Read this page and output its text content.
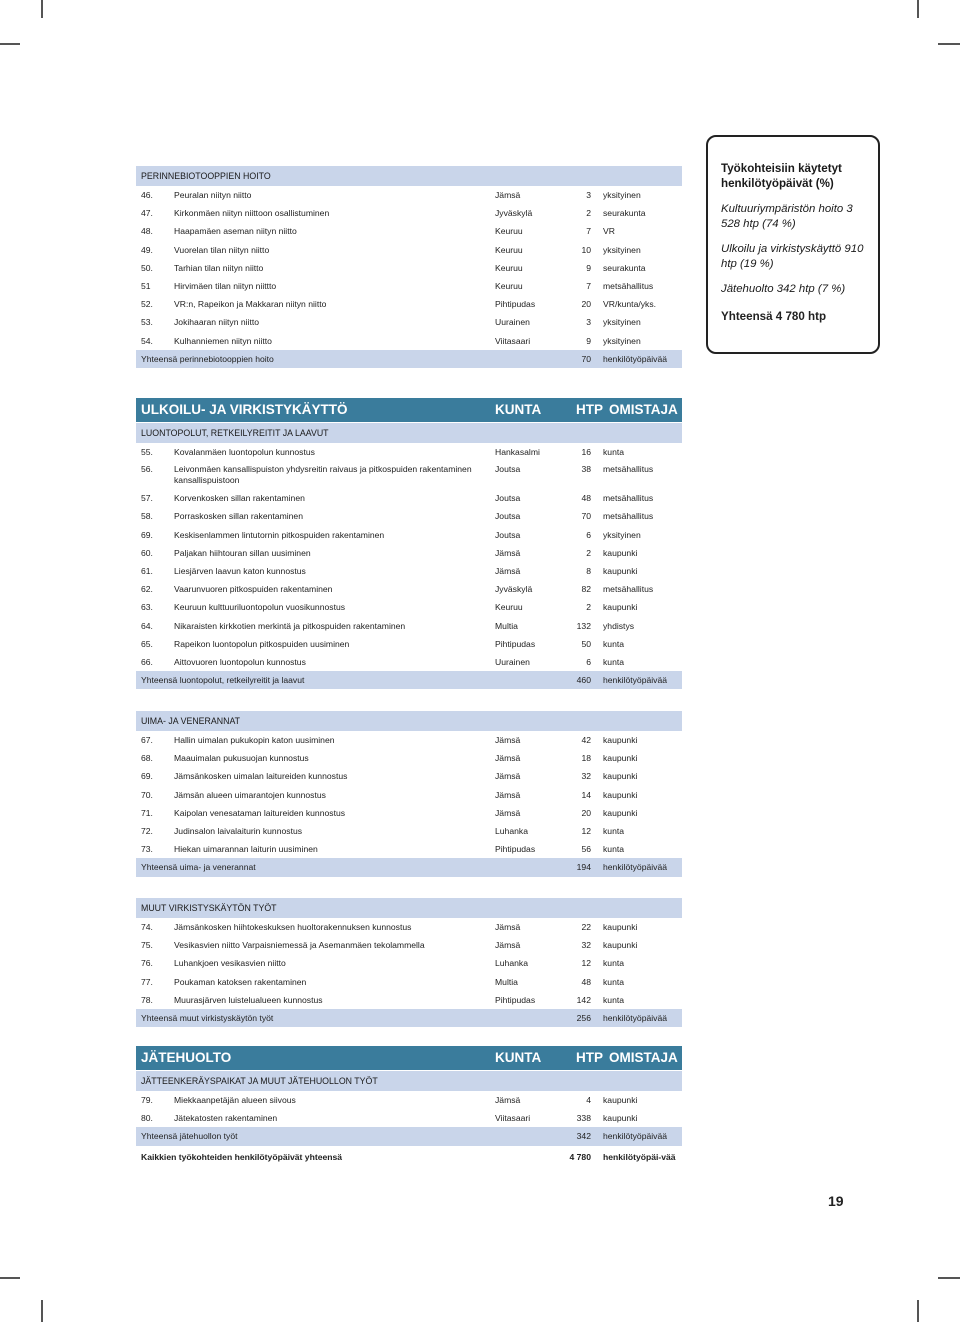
PERINNEBIOTOOPPIEN HOITO
46. Peuralan niityn niitto	Jämsä	3 yksityinen
47. Kirkonmäen niityn niittoon osallistuminen	Jyväskylä	2 seurakunta
48. Haapamäen aseman niityn niitto	Keuruu	7 VR
49. Vuorelan tilan niityn niitto	Keuruu	10 yksityinen
50. Tarhian tilan niityn niitto	Keuruu	9 seurakunta
51	Hirvimäen tilan niityn niittto	Keuruu	7 metsähallitus
52. VR:n, Rapeikon ja Makkaran niityn niitto	Pihtipudas	20 VR/kunta/yks.
53. Jokihaaran niityn niitto	Uurainen	3 yksityinen
54. Kulhanniemen niityn niitto	Viitasaari	9 yksityinen
Yhteensä perinnebiotooppien hoito	70 henkilötyöpäivää
ULKOILU- JA VIRKISTYKÄYTTÖ	KUNTA	HTP OMISTAJA
LUONTOPOLUT, RETKEILYREITIT JA LAAVUT
55. Kovalanmäen luontopolun kunnostus	Hankasalmi	16 kunta
56. Leivonmäen kansallispuiston yhdysreitin raivaus ja pitkospuiden rakentaminen kansallispuistoon
Joutsa	38 metsähallitus
57. Korvenkosken sillan rakentaminen	Joutsa	48 metsähallitus
58. Porraskosken sillan rakentaminen	Joutsa	70 metsähallitus
69. Keskisenlammen lintutornin pitkospuiden rakentaminen	Joutsa	6 yksityinen
60. Paljakan hiihtouran sillan uusiminen	Jämsä	2 kaupunki
61. Liesjärven laavun katon kunnostus	Jämsä	8 kaupunki
62. Vaarunvuoren pitkospuiden rakentaminen	Jyväskylä	82 metsähallitus
63. Keuruun kulttuuriluontopolun vuosikunnostus	Keuruu	2 kaupunki
64. Nikaraisten kirkkotien merkintä ja pitkospuiden rakentaminen	Multia	132 yhdistys
65. Rapeikon luontopolun pitkospuiden uusiminen	Pihtipudas	50 kunta
66. Aittovuoren luontopolun kunnostus	Uurainen	6 kunta
Yhteensä luontopolut, retkeilyreitit ja laavut	460 henkilötyöpäivää
UIMA- JA VENERANNAT
67. Hallin uimalan pukukopin katon uusiminen	Jämsä	42 kaupunki
68. Maauimalan pukusuojan kunnostus	Jämsä	18 kaupunki
69. Jämsänkosken uimalan laitureiden kunnostus	Jämsä	32 kaupunki
70. Jämsän alueen uimarantojen kunnostus	Jämsä	14 kaupunki
71. Kaipolan venesataman laitureiden kunnostus	Jämsä	20 kaupunki
72. Judinsalon laivalaiturin kunnostus	Luhanka	12 kunta
73. Hiekan uimarannan laiturin uusiminen	Pihtipudas	56 kunta
Yhteensä uima- ja venerannat	194 henkilötyöpäivää
MUUT VIRKISTYSKÄYTÖN TYÖT
74. Jämsänkosken hiihtokeskuksen huoltorakennuksen kunnostus	Jämsä	22 kaupunki
75. Vesikasvien niitto Varpaisniemessä ja Asemanmäen tekolammella	Jämsä	32 kaupunki
76. Luhankjoen vesikasvien niitto	Luhanka	12 kunta
77. Poukaman katoksen rakentaminen	Multia	48 kunta
78. Muurasjärven luistelualueen kunnostus	Pihtipudas	142 kunta
Yhteensä muut virkistyskäytön työt	256 henkilötyöpäivää
JÄTEHUOLTO	KUNTA	HTP OMISTAJA
JÄTTEENKERÄYSPAIKAT JA MUUT JÄTEHUOLLON TYÖT
79. Miekkaanpetäjän alueen siivous	Jämsä	4 kaupunki
80. Jätekatosten rakentaminen	Viitasaari	338 kaupunki
Yhteensä jätehuollon työt	342 henkilötyöpäivää
Kaikkien työkohteiden henkilötyöpäivät yhteensä	4 780 henkilötyöpäi-vää
Työkohteisiin käytetyt henkilötyöpäivät (%)
Kultuuriympäristön hoito 3 528 htp (74 %)
Ulkoilu ja virkistyskäyttö 910 htp (19 %)
Jätehuolto 342 htp (7 %)
Yhteensä 4 780 htp
19
